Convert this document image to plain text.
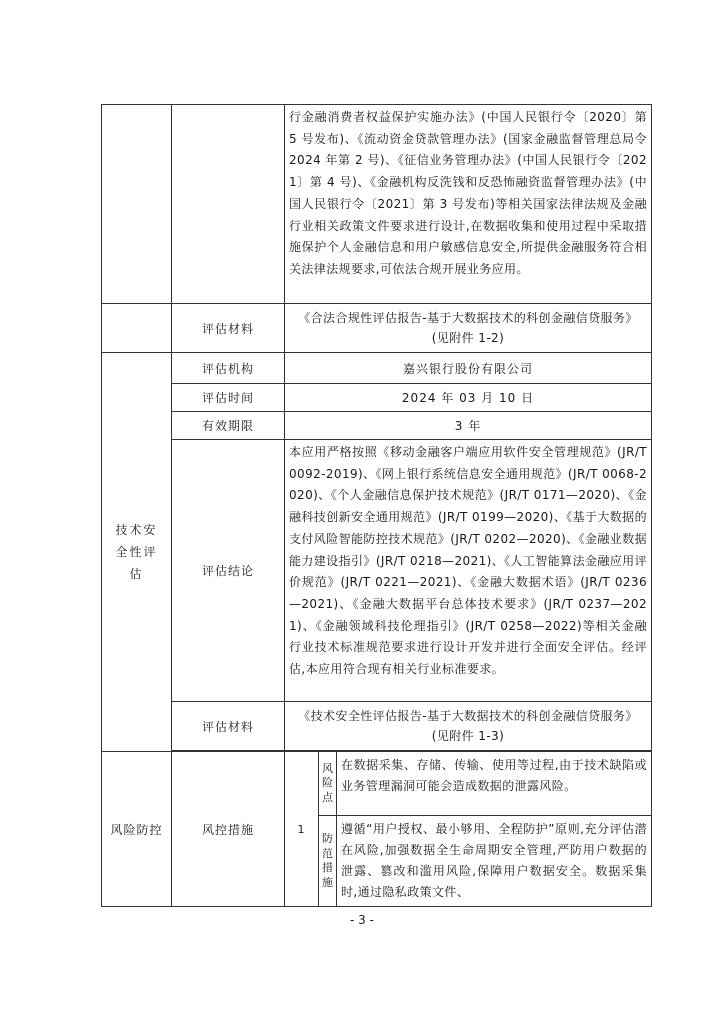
		行金融消费者权益保护实施办法》(中国人民银行令〔2020〕第 5 号发布)、《流动资金贷款管理办法》(国家金融监督管理总局令 2024 年第 2 号)、《征信业务管理办法》(中国人民银行令〔2021〕第 4 号)、《金融机构反洗钱和反恐怖融资监督管理办法》(中国人民银行令〔2021〕第 3 号发布)等相关国家法律法规及金融行业相关政策文件要求进行设计,在数据收集和使用过程中采取措施保护个人金融信息和用户敏感信息安全,所提供金融服务符合相关法律法规要求,可依法合规开展业务应用。		
	评估材料	《合法合规性评估报告-基于大数据技术的科创金融信贷服务》(见附件 1-2)		
技术安全性评估	评估机构	嘉兴银行股份有限公司		
	评估时间	2024 年 03 月 10 日		
	有效期限	3 年		
	评估结论	本应用严格按照《移动金融客户端应用软件安全管理规范》(JR/T 0092-2019)、《网上银行系统信息安全通用规范》(JR/T 0068-2020)、《个人金融信息保护技术规范》(JR/T 0171—2020)、《金融科技创新安全通用规范》(JR/T 0199—2020)、《基于大数据的支付风险智能防控技术规范》(JR/T 0202—2020)、《金融业数据能力建设指引》(JR/T 0218—2021)、《人工智能算法金融应用评价规范》(JR/T 0221—2021)、《金融大数据术语》(JR/T 0236—2021)、《金融大数据平台总体技术要求》(JR/T 0237—2021)、《金融领域科技伦理指引》(JR/T 0258—2022)等相关金融行业技术标准规范要求进行设计开发并进行全面安全评估。经评估,本应用符合现有相关行业标准要求。		
	评估材料	《技术安全性评估报告-基于大数据技术的科创金融信贷服务》(见附件 1-3)		

风险防控	风控措施	1	风险点	在数据采集、存储、传输、使用等过程,由于技术缺陷或业务管理漏洞可能会造成数据的泄露风险。
			防范措施	遵循“用户授权、最小够用、全程防护”原则,充分评估潜在风险,加强数据全生命周期安全管理,严防用户数据的泄露、篡改和滥用风险,保障用户数据安全。数据采集时,通过隐私政策文件、
- 3 -
